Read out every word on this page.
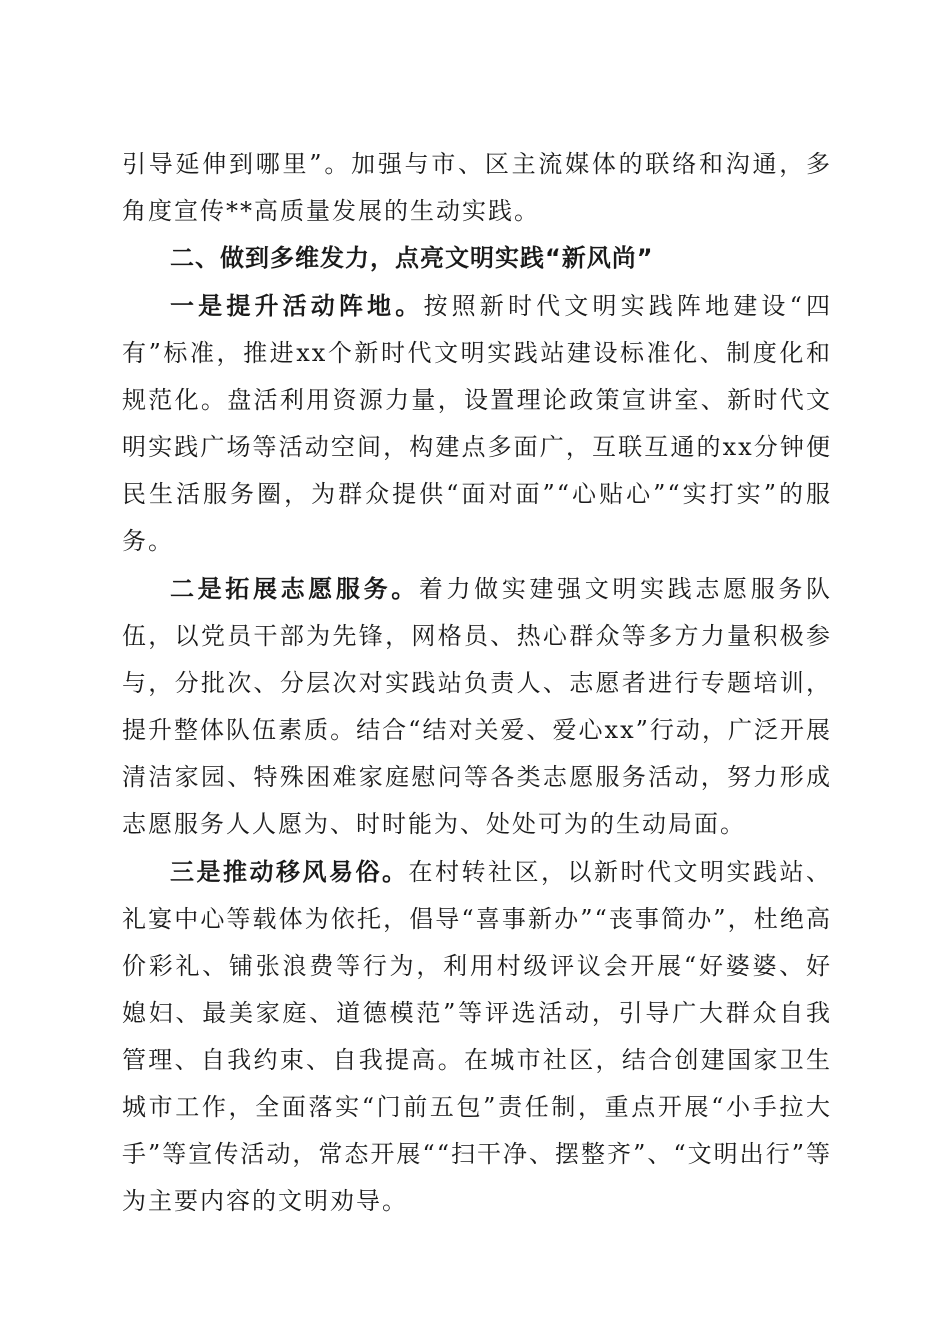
引导延伸到哪里”。加强与市、区主流媒体的联络和沟通，多角度宣传**高质量发展的生动实践。

二、做到多维发力，点亮文明实践“新风尚”

一是提升活动阵地。按照新时代文明实践阵地建设“四有”标准，推进xx个新时代文明实践站建设标准化、制度化和规范化。盘活利用资源力量，设置理论政策宣讲室、新时代文明实践广场等活动空间，构建点多面广，互联互通的xx分钟便民生活服务圈，为群众提供“面对面”“心贴心”“实打实”的服务。

二是拓展志愿服务。着力做实建强文明实践志愿服务队伍，以党员干部为先锋，网格员、热心群众等多方力量积极参与，分批次、分层次对实践站负责人、志愿者进行专题培训，提升整体队伍素质。结合“结对关爱、爱心xx”行动，广泛开展清洁家园、特殊困难家庭慰问等各类志愿服务活动，努力形成志愿服务人人愿为、时时能为、处处可为的生动局面。

三是推动移风易俗。在村转社区，以新时代文明实践站、礼宴中心等载体为依托，倡导“喜事新办”“丧事简办”，杜绝高价彩礼、铺张浪费等行为，利用村级评议会开展“好婆婆、好媳妇、最美家庭、道德模范”等评选活动，引导广大群众自我管理、自我约束、自我提高。在城市社区，结合创建国家卫生城市工作，全面落实“门前五包”责任制，重点开展“小手拉大手”等宣传活动，常态开展““扫干净、摆整齐”、“文明出行”等为主要内容的文明劝导。
